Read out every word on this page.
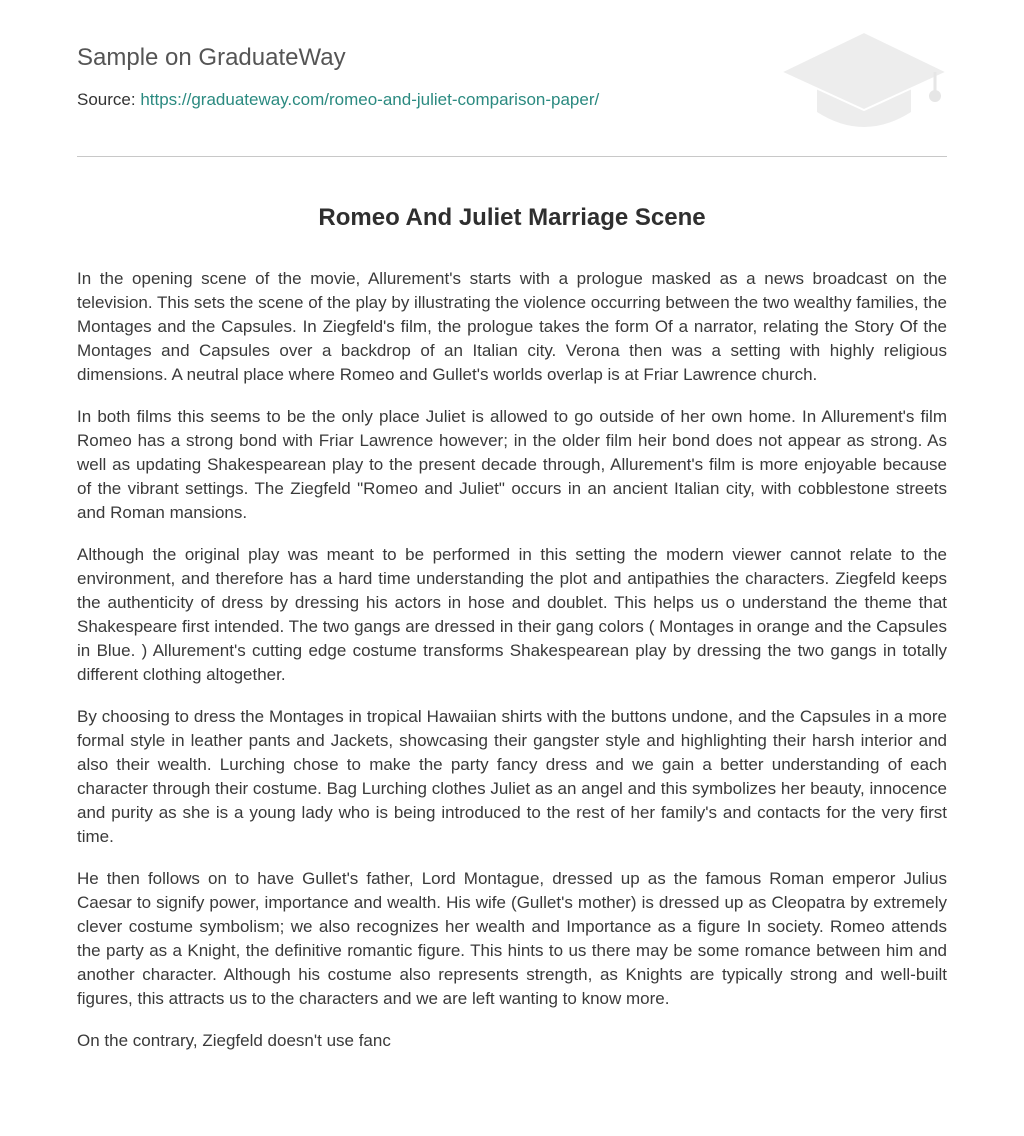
Sample on GraduateWay
Source: https://graduateway.com/romeo-and-juliet-comparison-paper/
Romeo And Juliet Marriage Scene

In the opening scene of the movie, Allurement's starts with a prologue masked as a news broadcast on the television. This sets the scene of the play by illustrating the violence occurring between the two wealthy families, the Montages and the Capsules. In Ziegfeld's film, the prologue takes the form Of a narrator, relating the Story Of the Montages and Capsules over a backdrop of an Italian city. Verona then was a setting with highly religious dimensions. A neutral place where Romeo and Gullet's worlds overlap is at Friar Lawrence church.

In both films this seems to be the only place Juliet is allowed to go outside of her own home. In Allurement's film Romeo has a strong bond with Friar Lawrence however; in the older film heir bond does not appear as strong. As well as updating Shakespearean play to the present decade through, Allurement's film is more enjoyable because of the vibrant settings. The Ziegfeld "Romeo and Juliet" occurs in an ancient Italian city, with cobblestone streets and Roman mansions.

Although the original play was meant to be performed in this setting the modern viewer cannot relate to the environment, and therefore has a hard time understanding the plot and antipathies the characters. Ziegfeld keeps the authenticity of dress by dressing his actors in hose and doublet. This helps us o understand the theme that Shakespeare first intended. The two gangs are dressed in their gang colors ( Montages in orange and the Capsules in Blue. ) Allurement's cutting edge costume transforms Shakespearean play by dressing the two gangs in totally different clothing altogether.

By choosing to dress the Montages in tropical Hawaiian shirts with the buttons undone, and the Capsules in a more formal style in leather pants and Jackets, showcasing their gangster style and highlighting their harsh interior and also their wealth. Lurching chose to make the party fancy dress and we gain a better understanding of each character through their costume. Bag Lurching clothes Juliet as an angel and this symbolizes her beauty, innocence and purity as she is a young lady who is being introduced to the rest of her family's and contacts for the very first time.

He then follows on to have Gullet's father, Lord Montague, dressed up as the famous Roman emperor Julius Caesar to signify power, importance and wealth. His wife (Gullet's mother) is dressed up as Cleopatra by extremely clever costume symbolism; we also recognizes her wealth and Importance as a figure In society. Romeo attends the party as a Knight, the definitive romantic figure. This hints to us there may be some romance between him and another character. Although his costume also represents strength, as Knights are typically strong and well-built figures, this attracts us to the characters and we are left wanting to know more.

On the contrary, Ziegfeld doesn't use fanc
